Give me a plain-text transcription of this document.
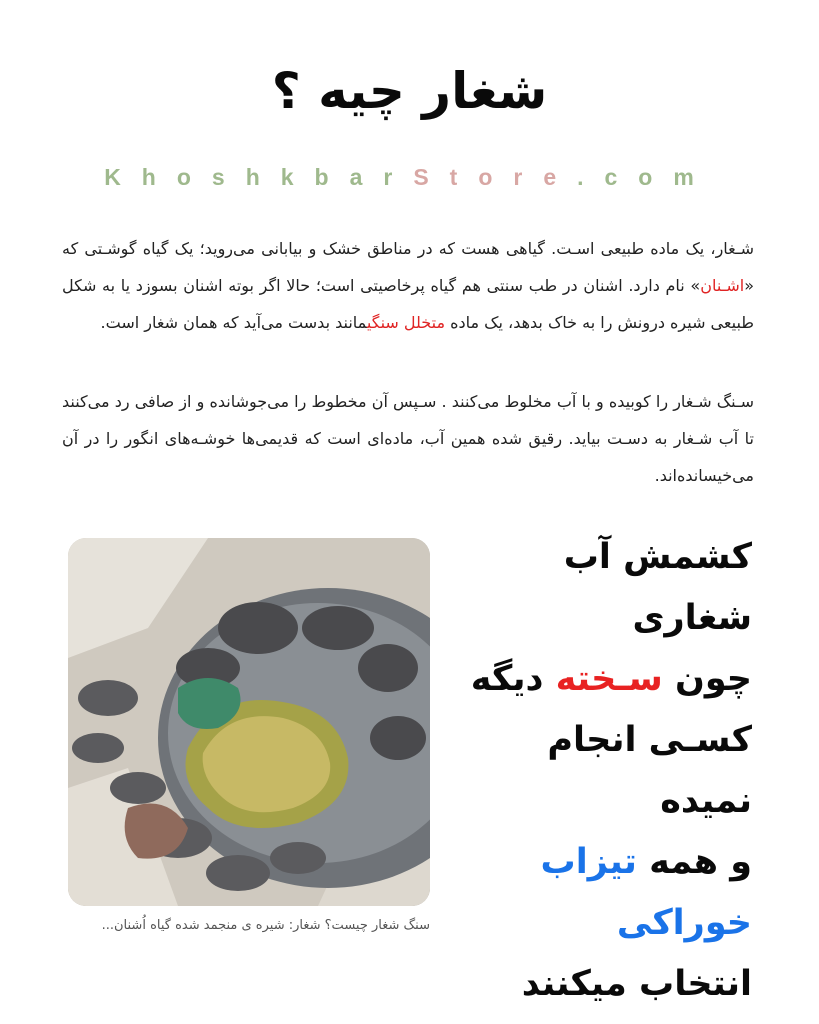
شغار چیه ؟
KhoshkbarStore.com
شـغار، یک ماده طبیعی اسـت. گیاهی هست که در مناطق خشک و بیابانی می‌روید؛ یک گیاه گوشـتی که «اشـنان» نام دارد. اشنان در طب سنتی هم گیاه پرخاصیتی است؛ حالا اگر بوته اشنان بسوزد یا به شکل طبیعی شیره درونش را به خاک بدهد، یک ماده متخلل سنگیمانند بدست می‌آید که همان شغار است.
سـنگ شـغار را کوبیده و با آب مخلوط می‌کنند . سـپس آن مخطوط را می‌جوشانده و از صافی رد می‌کنند تا آب شـغار به دسـت بیاید. رقیق شده همین آب، ماده‌ای است که قدیمی‌ها خوشـه‌های انگور را در آن می‌خیسانده‌اند.
سنگ شغار چیست؟ شغار: شیره ی منجمد شده گیاه اُشنان...
کشمش آب شغاری
چون سـخته دیگه
کسـی انجام نمیده
و همه تیزاب خوراکی
انتخاب میکنند
